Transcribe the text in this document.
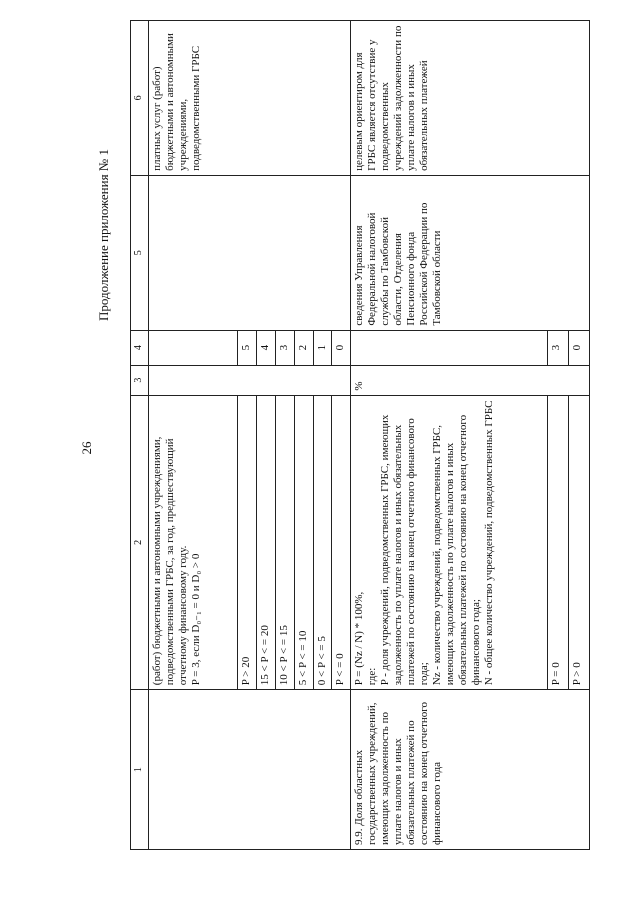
26
Продолжение приложения № 1
1	2	3	4	5	6
	(работ) бюджетными и автономными учреждениями, подведомственными ГРБС, за год, предшествующий отчетному финансовому году.
P = 3, если D₀₋₁ = 0 и D₀ > 0				платных услуг (работ) бюджетными и автономными учреждениями, подведомственными ГРБС
	P > 20		5		
	15 < P < = 20		4		
	10 < P < = 15		3		
	5 < P < = 10		2		
	0 < P < = 5		1		
	P < = 0		0		
9.9. Доля областных государственных учреждений, имеющих задолженность по уплате налогов и иных обязательных платежей по состоянию на конец отчетного финансового года	P = (Nz / N) * 100%,
где:
P - доля учреждений, подведомственных ГРБС, имеющих задолженность по уплате налогов и иных обязательных платежей по состоянию на конец отчетного финансового года;
Nz - количество учреждений, подведомственных ГРБС, имеющих задолженность по уплате налогов и иных обязательных платежей по состоянию на конец отчетного финансового года;
N - общее количество учреждений, подведомственных ГРБС	%		сведения Управления Федеральной налоговой службы по Тамбовской области, Отделения Пенсионного фонда Российской Федерации по Тамбовской области	целевым ориентиром для ГРБС является отсутствие у подведомственных учреждений задолженности по уплате налогов и иных обязательных платежей
	P = 0		3		
	P > 0		0		
